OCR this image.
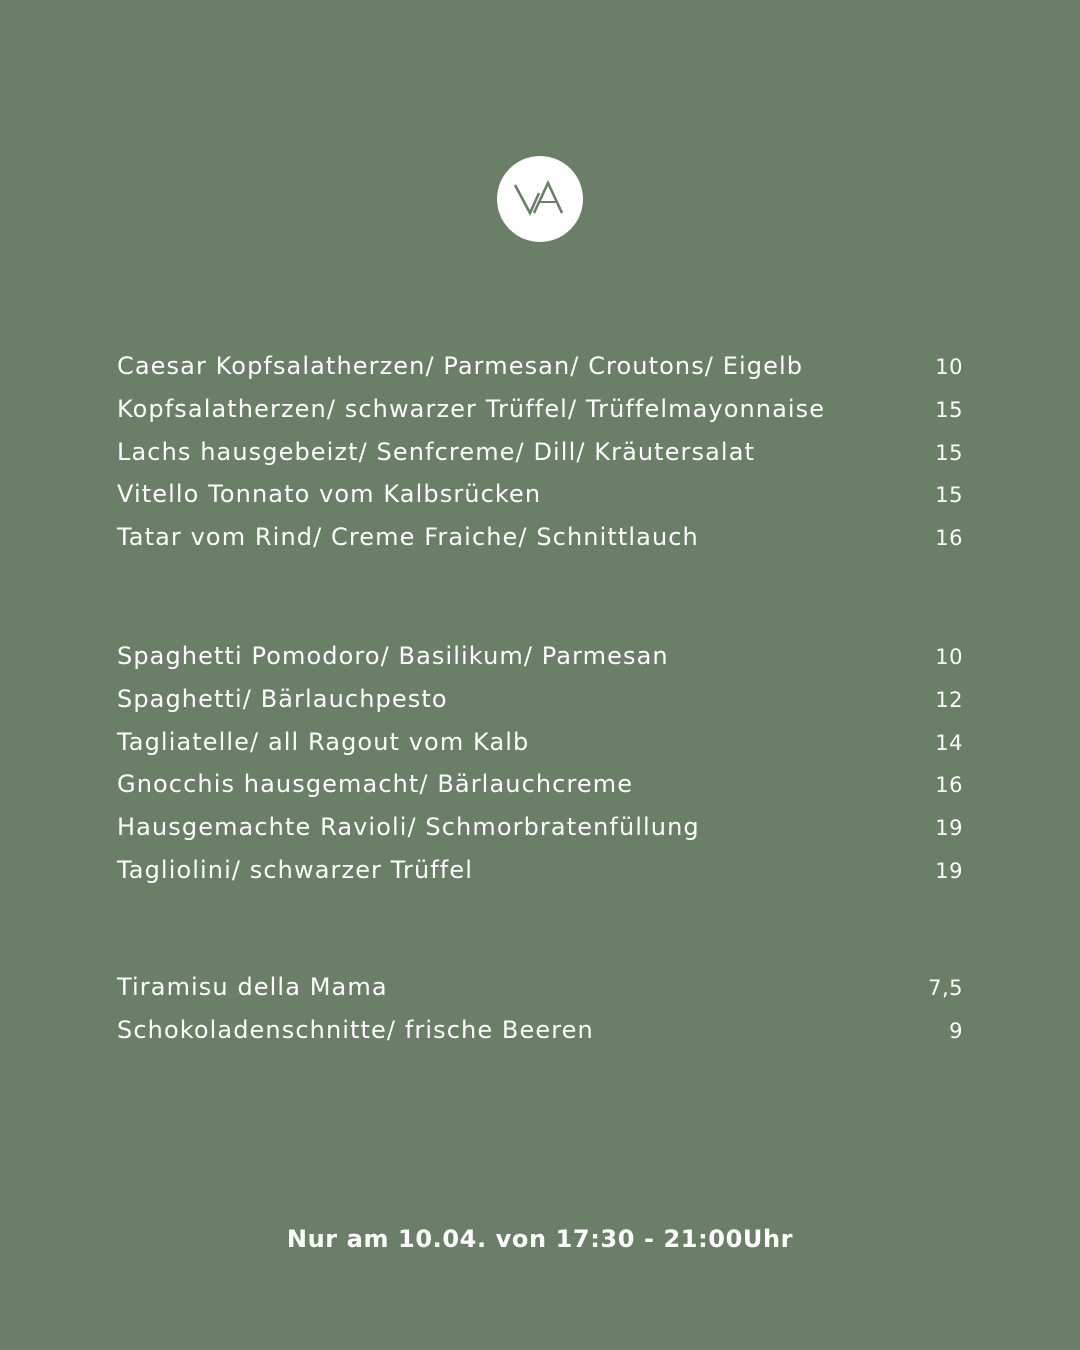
Caesar Kopfsalatherzen/ Parmesan/ Croutons/ Eigelb	10
Kopfsalatherzen/ schwarzer Trüffel/ Trüffelmayonnaise	15
Lachs hausgebeizt/ Senfcreme/ Dill/ Kräutersalat	15
Vitello Tonnato vom Kalbsrücken	15
Tatar vom Rind/ Creme Fraiche/ Schnittlauch	16
Spaghetti Pomodoro/ Basilikum/ Parmesan	10
Spaghetti/ Bärlauchpesto	12
Tagliatelle/ all Ragout vom Kalb	14
Gnocchis hausgemacht/ Bärlauchcreme	16
Hausgemachte Ravioli/ Schmorbratenfüllung	19
Tagliolini/ schwarzer Trüffel	19
Tiramisu della Mama	7,5
Schokoladenschnitte/ frische Beeren	9
Nur am 10.04. von 17:30 - 21:00Uhr
